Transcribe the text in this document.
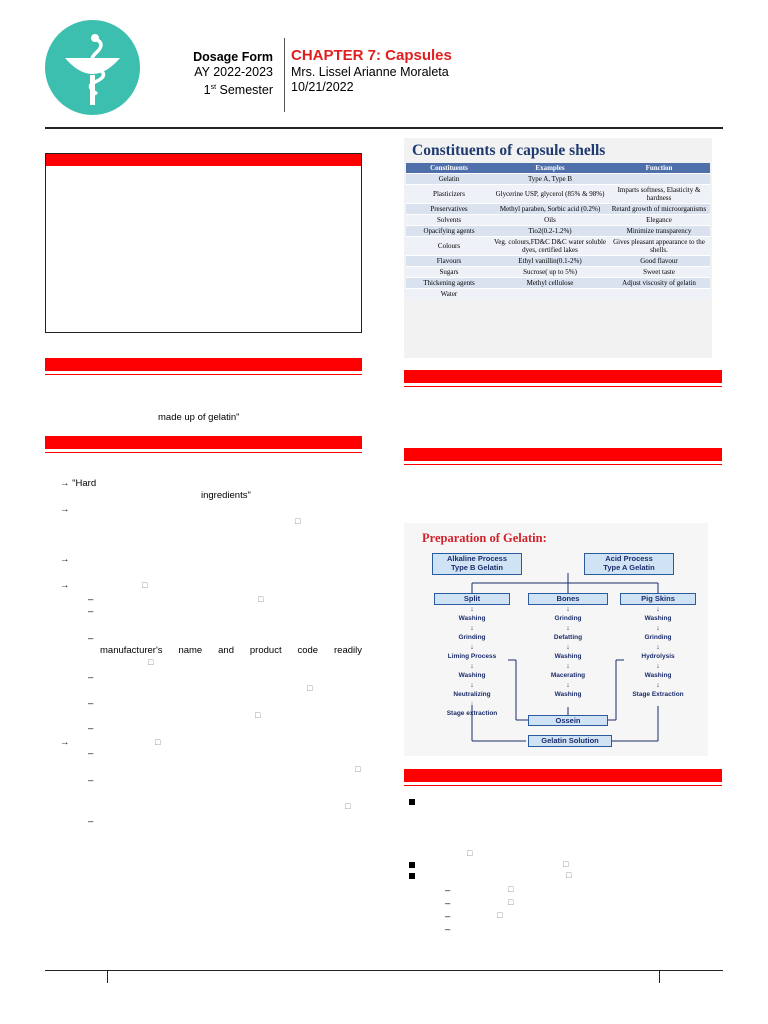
Dosage Form
AY 2022-2023
1st Semester
CHAPTER 7: Capsules
Mrs. Lissel Arianne Moraleta
10/21/2022
made up of gelatin"
→ "Hard
ingredients"
→
□
→
→	□
–	□
–
–
manufacturer's name and product code readily
□
–
□
–
□
–
→	□
–
□
–
□
–
Constituents of capsule shells
Constituents	Examples	Function
Gelatin	Type A, Type B	
Plasticizers	Glycerine USP, glycerol (85% & 98%)	Imparts softness, Elasticity & hardness
Preservatives	Methyl paraben, Sorbic acid (0.2%)	Retard growth of microorganisms
Solvents	Oils	Elegance
Opacifying agents	Tio2(0.2-1.2%)	Minimize transparency
Colours	Veg. colours,FD&C D&C water soluble dyes, certified lakes	Gives pleasant appearance to the shells.
Flavours	Ethyl vanillin(0.1-2%)	Good flavour
Sugars	Sucrose( up to 5%)	Sweet taste
Thickening agents	Methyl cellulose	Adjust viscosity of gelatin
Water		
Preparation of Gelatin:
Alkaline Process
Type B Gelatin
Acid Process
Type A Gelatin
Split	Bones	Pig Skins
Ossein
Gelatin Solution
↓
Washing
↓
Grinding
↓
Liming Process
↓
Washing
↓
Neutralizing
↓
Stage extraction
↓
Grinding
↓
Defatting
↓
Washing
↓
Macerating
↓
Washing
↓
Washing
↓
Grinding
↓
Hydrolysis
↓
Washing
↓
Stage Extraction
□
□
□
–	□
–	□
–	□
–
